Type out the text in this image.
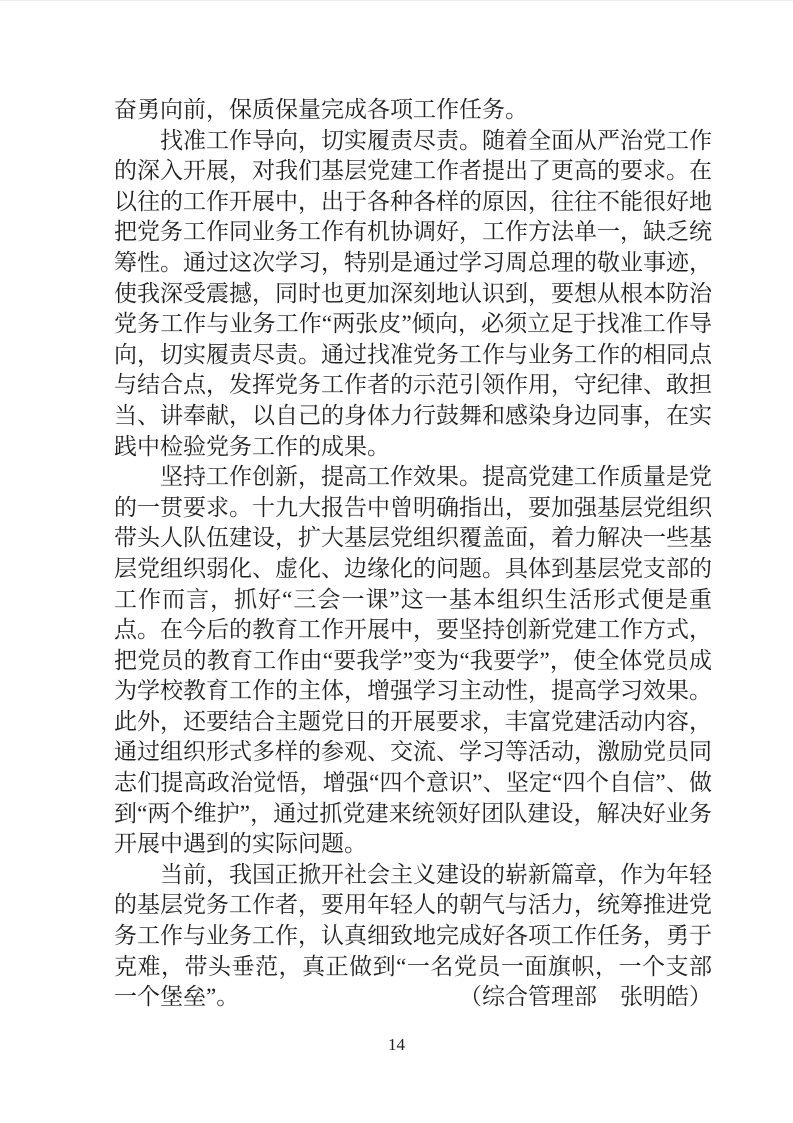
奋勇向前，保质保量完成各项工作任务。

找准工作导向，切实履责尽责。随着全面从严治党工作的深入开展，对我们基层党建工作者提出了更高的要求。在以往的工作开展中，出于各种各样的原因，往往不能很好地把党务工作同业务工作有机协调好，工作方法单一，缺乏统筹性。通过这次学习，特别是通过学习周总理的敬业事迹，使我深受震撼，同时也更加深刻地认识到，要想从根本防治党务工作与业务工作“两张皮”倾向，必须立足于找准工作导向，切实履责尽责。通过找准党务工作与业务工作的相同点与结合点，发挥党务工作者的示范引领作用，守纪律、敢担当、讲奉献，以自己的身体力行鼓舞和感染身边同事，在实践中检验党务工作的成果。

坚持工作创新，提高工作效果。提高党建工作质量是党的一贯要求。十九大报告中曾明确指出，要加强基层党组织带头人队伍建设，扩大基层党组织覆盖面，着力解决一些基层党组织弱化、虚化、边缘化的问题。具体到基层党支部的工作而言，抓好“三会一课”这一基本组织生活形式便是重点。在今后的教育工作开展中，要坚持创新党建工作方式，把党员的教育工作由“要我学”变为“我要学”，使全体党员成为学校教育工作的主体，增强学习主动性，提高学习效果。此外，还要结合主题党日的开展要求，丰富党建活动内容，通过组织形式多样的参观、交流、学习等活动，激励党员同志们提高政治觉悟，增强“四个意识”、坚定“四个自信”、做到“两个维护”，通过抓党建来统领好团队建设，解决好业务开展中遇到的实际问题。

当前，我国正掀开社会主义建设的崭新篇章，作为年轻的基层党务工作者，要用年轻人的朝气与活力，统筹推进党务工作与业务工作，认真细致地完成好各项工作任务，勇于克难，带头垂范，真正做到“一名党员一面旗帜，一个支部一个堡垒”。	（综合管理部　张明皓）

14
